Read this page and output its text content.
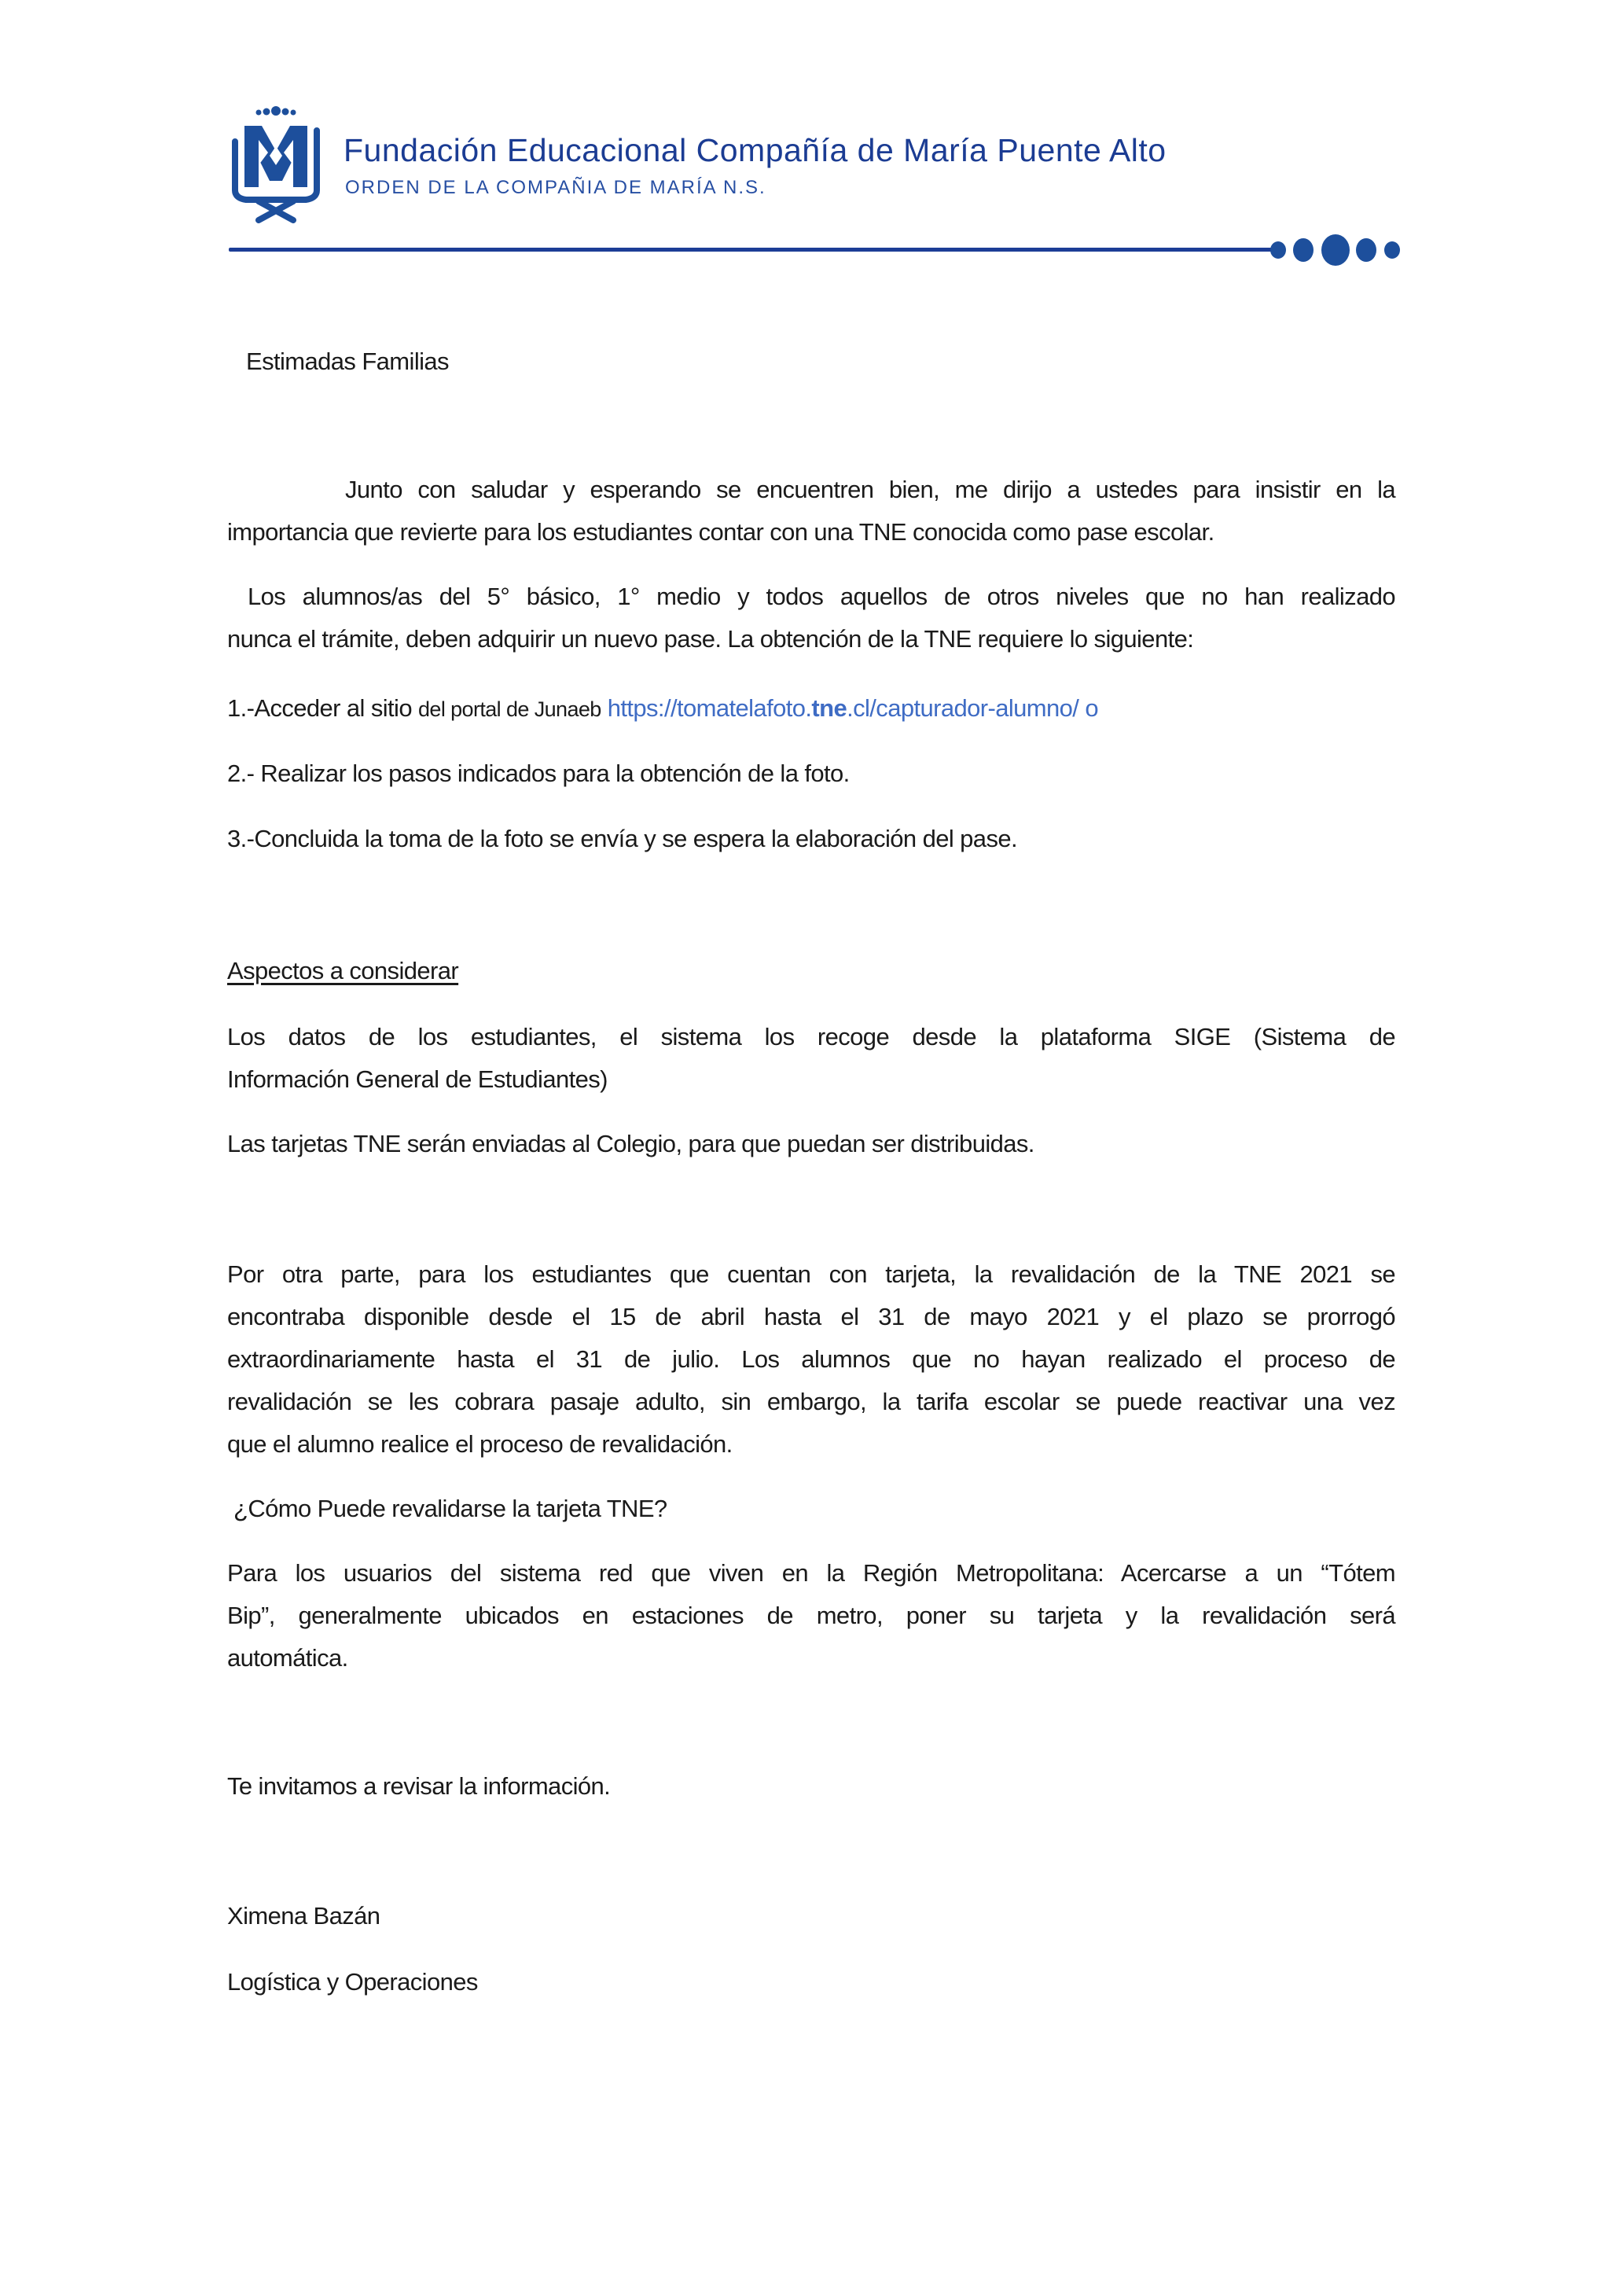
Fundación Educacional Compañía de María Puente Alto
ORDEN DE LA COMPAÑIA DE MARÍA N.S.
Estimadas Familias
Junto con saludar y esperando se encuentren bien, me dirijo a ustedes para insistir en la
importancia que revierte para los estudiantes contar con una TNE conocida como pase escolar.
Los alumnos/as del 5° básico, 1° medio y todos aquellos de otros niveles que no han realizado
nunca el trámite, deben adquirir un nuevo pase. La obtención de la TNE requiere lo siguiente:
1.-Acceder al sitio del portal de Junaeb https://tomatelafoto.tne.cl/capturador-alumno/ o
2.- Realizar los pasos indicados para la obtención de la foto.
3.-Concluida la toma de la foto se envía y se espera la elaboración del pase.
Aspectos a considerar
Los datos de los estudiantes, el sistema los recoge desde la plataforma SIGE (Sistema de
Información General de Estudiantes)
Las tarjetas TNE serán enviadas al Colegio, para que puedan ser distribuidas.
Por otra parte, para los estudiantes que cuentan con tarjeta, la revalidación de la TNE 2021 se
encontraba disponible desde el 15 de abril hasta el 31 de mayo 2021 y el plazo se prorrogó
extraordinariamente hasta el 31 de julio. Los alumnos que no hayan realizado el proceso de
revalidación se les cobrara pasaje adulto, sin embargo, la tarifa escolar se puede reactivar una vez
que el alumno realice el proceso de revalidación.
¿Cómo Puede revalidarse la tarjeta TNE?
Para los usuarios del sistema red que viven en la Región Metropolitana: Acercarse a un “Tótem
Bip”, generalmente ubicados en estaciones de metro, poner su tarjeta y la revalidación será
automática.
Te invitamos a revisar la información.
Ximena Bazán
Logística y Operaciones
